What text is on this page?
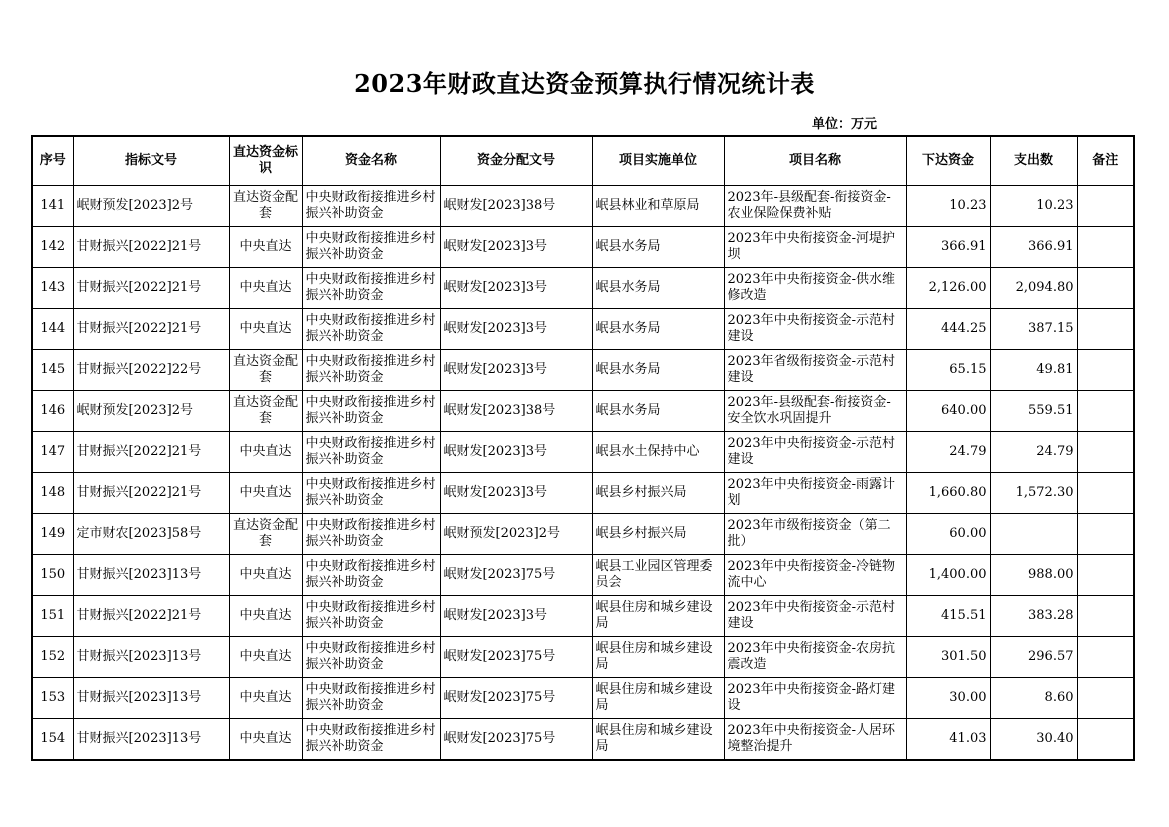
2023年财政直达资金预算执行情况统计表
单位：万元
序号	指标文号	直达资金标识	资金名称	资金分配文号	项目实施单位	项目名称	下达资金	支出数	备注
141	岷财预发[2023]2号	直达资金配套	中央财政衔接推进乡村振兴补助资金	岷财发[2023]38号	岷县林业和草原局	2023年-县级配套-衔接资金-农业保险保费补贴	10.23	10.23	
142	甘财振兴[2022]21号	中央直达	中央财政衔接推进乡村振兴补助资金	岷财发[2023]3号	岷县水务局	2023年中央衔接资金-河堤护坝	366.91	366.91	
143	甘财振兴[2022]21号	中央直达	中央财政衔接推进乡村振兴补助资金	岷财发[2023]3号	岷县水务局	2023年中央衔接资金-供水维修改造	2,126.00	2,094.80	
144	甘财振兴[2022]21号	中央直达	中央财政衔接推进乡村振兴补助资金	岷财发[2023]3号	岷县水务局	2023年中央衔接资金-示范村建设	444.25	387.15	
145	甘财振兴[2022]22号	直达资金配套	中央财政衔接推进乡村振兴补助资金	岷财发[2023]3号	岷县水务局	2023年省级衔接资金-示范村建设	65.15	49.81	
146	岷财预发[2023]2号	直达资金配套	中央财政衔接推进乡村振兴补助资金	岷财发[2023]38号	岷县水务局	2023年-县级配套-衔接资金-安全饮水巩固提升	640.00	559.51	
147	甘财振兴[2022]21号	中央直达	中央财政衔接推进乡村振兴补助资金	岷财发[2023]3号	岷县水土保持中心	2023年中央衔接资金-示范村建设	24.79	24.79	
148	甘财振兴[2022]21号	中央直达	中央财政衔接推进乡村振兴补助资金	岷财发[2023]3号	岷县乡村振兴局	2023年中央衔接资金-雨露计划	1,660.80	1,572.30	
149	定市财农[2023]58号	直达资金配套	中央财政衔接推进乡村振兴补助资金	岷财预发[2023]2号	岷县乡村振兴局	2023年市级衔接资金（第二批）	60.00		
150	甘财振兴[2023]13号	中央直达	中央财政衔接推进乡村振兴补助资金	岷财发[2023]75号	岷县工业园区管理委员会	2023年中央衔接资金-冷链物流中心	1,400.00	988.00	
151	甘财振兴[2022]21号	中央直达	中央财政衔接推进乡村振兴补助资金	岷财发[2023]3号	岷县住房和城乡建设局	2023年中央衔接资金-示范村建设	415.51	383.28	
152	甘财振兴[2023]13号	中央直达	中央财政衔接推进乡村振兴补助资金	岷财发[2023]75号	岷县住房和城乡建设局	2023年中央衔接资金-农房抗震改造	301.50	296.57	
153	甘财振兴[2023]13号	中央直达	中央财政衔接推进乡村振兴补助资金	岷财发[2023]75号	岷县住房和城乡建设局	2023年中央衔接资金-路灯建设	30.00	8.60	
154	甘财振兴[2023]13号	中央直达	中央财政衔接推进乡村振兴补助资金	岷财发[2023]75号	岷县住房和城乡建设局	2023年中央衔接资金-人居环境整治提升	41.03	30.40	
